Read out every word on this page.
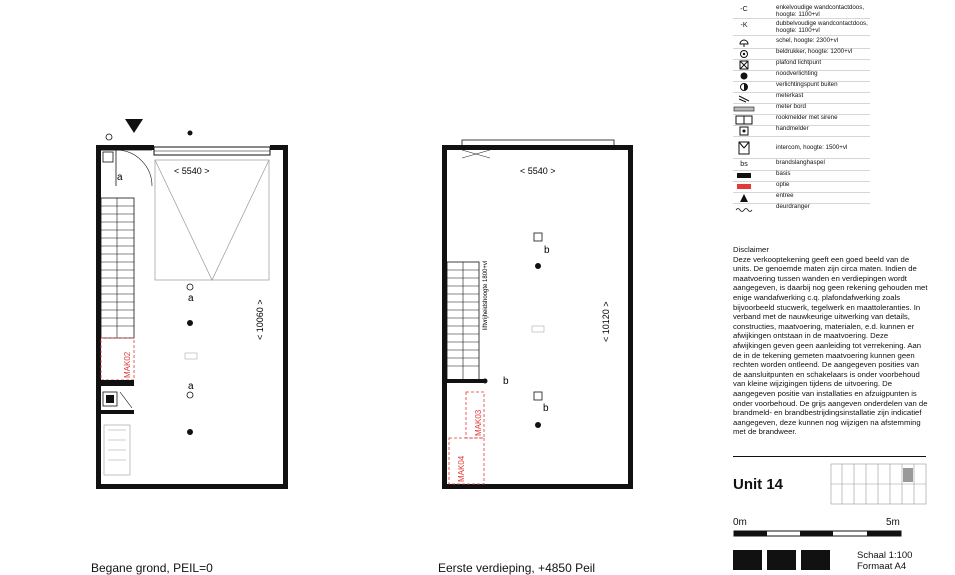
MAK02
a
a
a
< 5540 >
< 10060 >	liftvrijheidshoogte 1800+vl
MAK03
MAK04
b
b
b
< 5540 >
< 10120 >
Begane grond, PEIL=0	Eerste verdieping, +4850 Peil
-C	enkelvoudige wandcontactdoos,
hoogte: 1100+vl
-K	dubbelvoudige wandcontactdoos,
hoogte: 1100+vl
schel, hoogte: 2300+vl
beldrukker, hoogte: 1200+vl
plafond lichtpunt
noodverlichting
verlichtingspunt buiten
meterkast
meter bord
rookmelder met sirene
handmelder
intercom, hoogte: 1500+vl
bs	brandslanghaspel
basis
optie
entree
deurdranger
Disclaimer
Deze verkooptekening geeft een goed beeld van de units. De genoemde maten zijn circa maten. Indien de maatvoering tussen wanden en verdiepingen wordt aangegeven, is daarbij nog geen rekening gehouden met enige wandafwerking c.q. plafondafwerking zoals bijvoorbeeld stucwerk, tegelwerk en maattoleranties. In verband met de nauwkeurige uitwerking van details, constructies, maatvoering, materialen, e.d. kunnen er afwijkingen ontstaan in de maatvoering. Deze afwijkingen geven geen aanleiding tot verrekening. Aan de in de tekening gemeten maatvoering kunnen geen rechten worden ontleend. De aangegeven posities van de aansluitpunten en schakelaars is onder voorbehoud van kleine wijzigingen tijdens de uitvoering. De aangegeven positie van installaties en afzuigpunten is onder voorbehoud. De grijs aangeven onderdelen van de brandmeld- en brandbestrijdingsinstallatie zijn indicatief aangegeven, deze kunnen nog wijzigen na afstemming met de brandweer.
Unit 14
0m	5m
Schaal 1:100
Formaat A4
